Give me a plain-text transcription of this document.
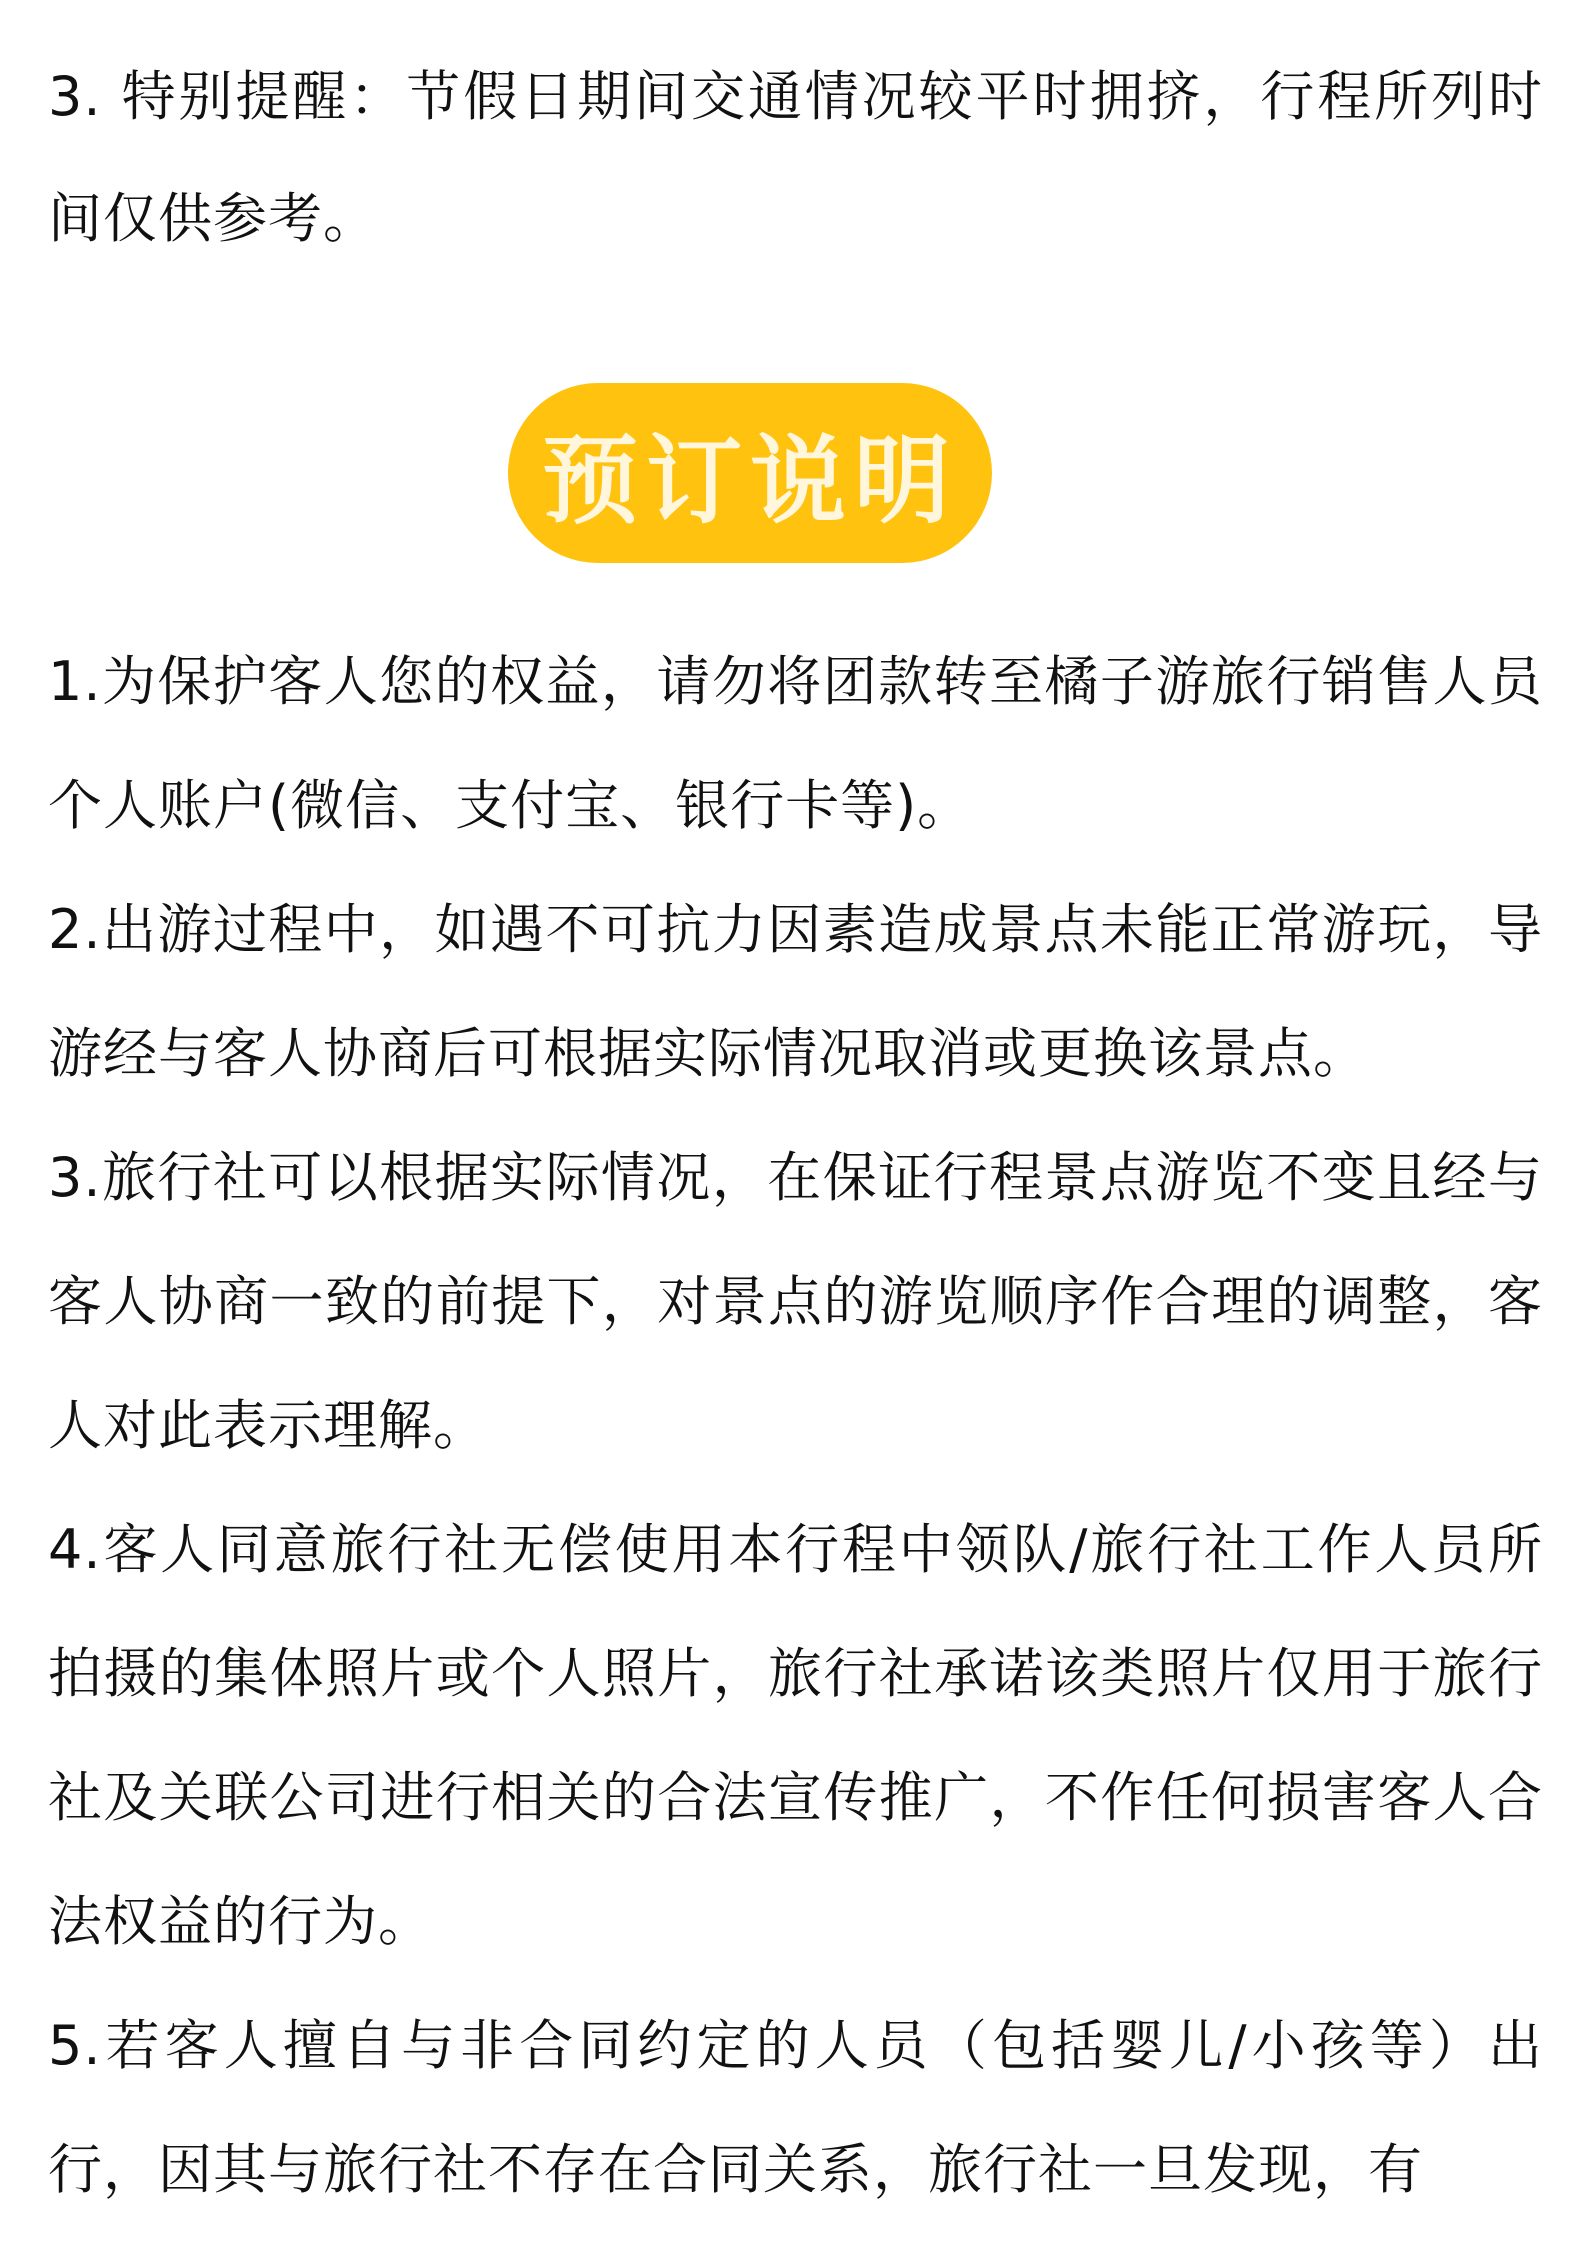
3. 特别提醒：节假日期间交通情况较平时拥挤，行程所列时间仅供参考。

预订说明
1.为保护客人您的权益，请勿将团款转至橘子游旅行销售人员个人账户(微信、支付宝、银行卡等)。
2.出游过程中，如遇不可抗力因素造成景点未能正常游玩，导游经与客人协商后可根据实际情况取消或更换该景点。
3.旅行社可以根据实际情况，在保证行程景点游览不变且经与客人协商一致的前提下，对景点的游览顺序作合理的调整，客人对此表示理解。
4.客人同意旅行社无偿使用本行程中领队/旅行社工作人员所拍摄的集体照片或个人照片，旅行社承诺该类照片仅用于旅行社及关联公司进行相关的合法宣传推广，不作任何损害客人合法权益的行为。
5.若客人擅自与非合同约定的人员（包括婴儿/小孩等）出行，因其与旅行社不存在合同关系，旅行社一旦发现，有
